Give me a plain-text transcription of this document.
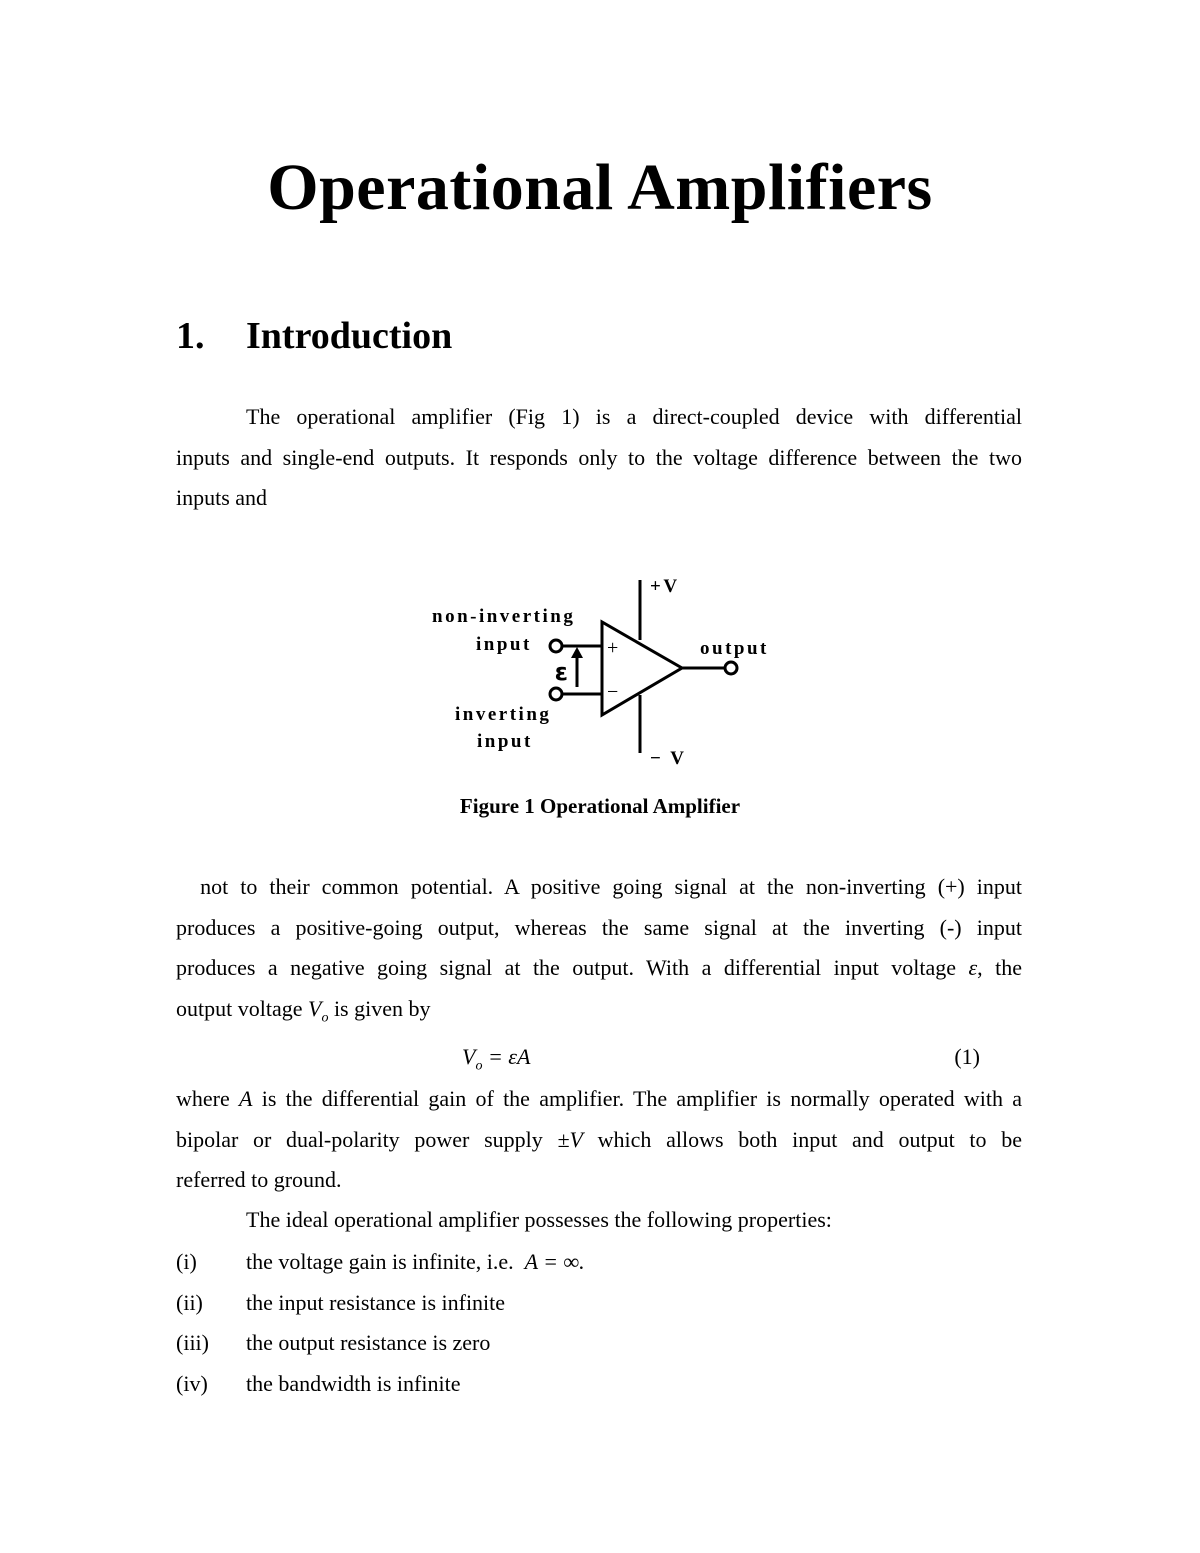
Operational Amplifiers
1. Introduction
The operational amplifier (Fig 1) is a direct-coupled device with differential
inputs and single-end outputs. It responds only to the voltage difference between the two
inputs and
ε
+
−
+V
− V
non-inverting
input
inverting
input
output

Figure 1 Operational Amplifier

not to their common potential. A positive going signal at the non-inverting (+) input
produces a positive-going output, whereas the same signal at the inverting (-) input
produces a negative going signal at the output. With a differential input voltage ε, the
output voltage $V_o$ is given by
$V_o = \varepsilon A$	(1)
where A is the differential gain of the amplifier. The amplifier is normally operated with a
bipolar or dual-polarity power supply ±V which allows both input and output to be
referred to ground.
The ideal operational amplifier possesses the following properties:
(i)	the voltage gain is infinite, i.e.
A = ∞.
(ii)	the input resistance is infinite
(iii)	the output resistance is zero
(iv)	the bandwidth is infinite
